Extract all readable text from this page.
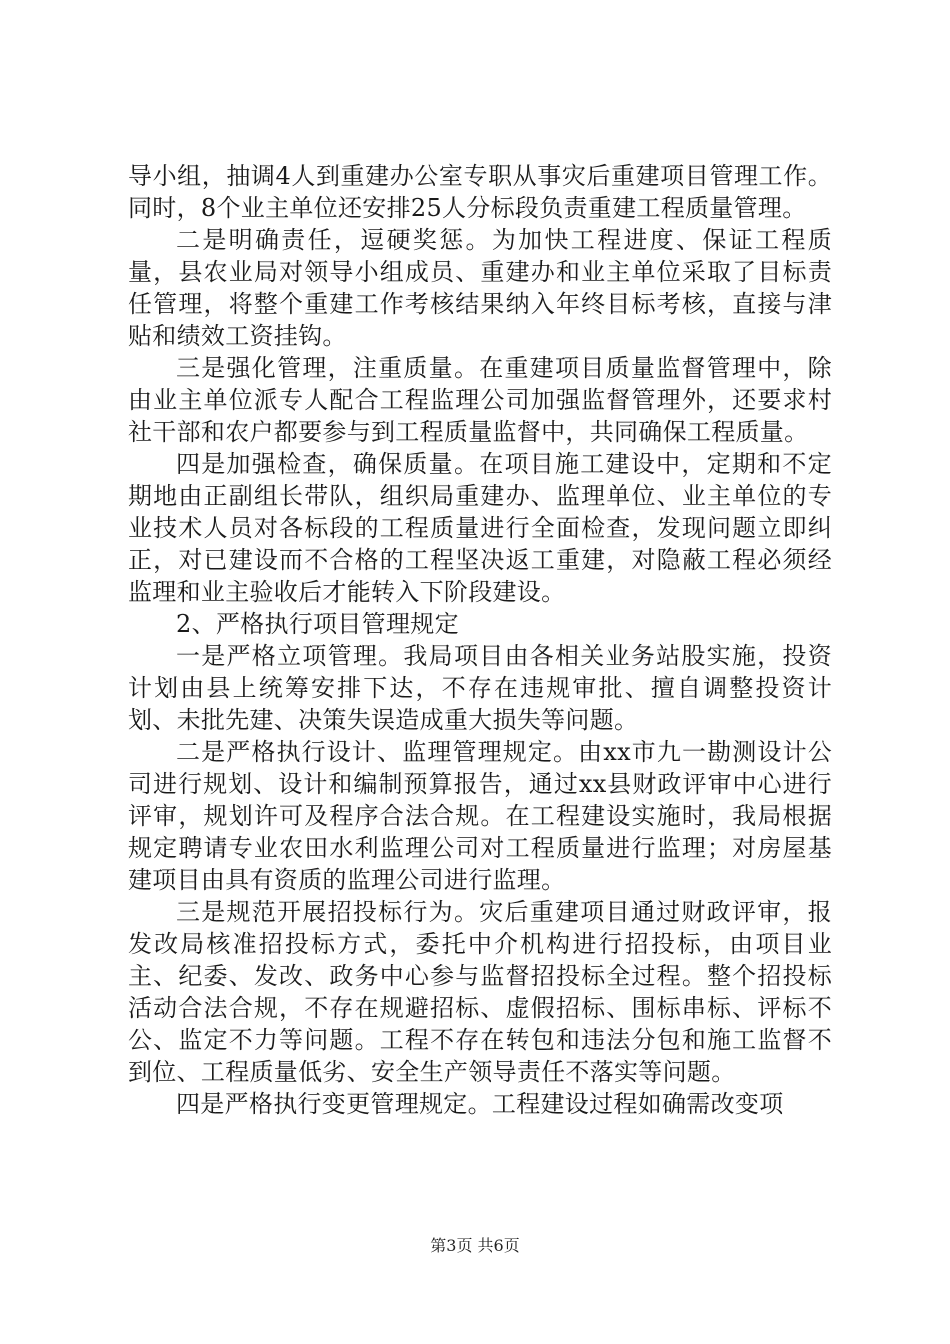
导小组，抽调4人到重建办公室专职从事灾后重建项目管理工作。同时，8个业主单位还安排25人分标段负责重建工程质量管理。

二是明确责任，逗硬奖惩。为加快工程进度、保证工程质量，县农业局对领导小组成员、重建办和业主单位采取了目标责任管理，将整个重建工作考核结果纳入年终目标考核，直接与津贴和绩效工资挂钩。

三是强化管理，注重质量。在重建项目质量监督管理中，除由业主单位派专人配合工程监理公司加强监督管理外，还要求村社干部和农户都要参与到工程质量监督中，共同确保工程质量。

四是加强检查，确保质量。在项目施工建设中，定期和不定期地由正副组长带队，组织局重建办、监理单位、业主单位的专业技术人员对各标段的工程质量进行全面检查，发现问题立即纠正，对已建设而不合格的工程坚决返工重建，对隐蔽工程必须经监理和业主验收后才能转入下阶段建设。

2、严格执行项目管理规定

一是严格立项管理。我局项目由各相关业务站股实施，投资计划由县上统筹安排下达，不存在违规审批、擅自调整投资计划、未批先建、决策失误造成重大损失等问题。

二是严格执行设计、监理管理规定。由xx市九一勘测设计公司进行规划、设计和编制预算报告，通过xx县财政评审中心进行评审，规划许可及程序合法合规。在工程建设实施时，我局根据规定聘请专业农田水利监理公司对工程质量进行监理；对房屋基建项目由具有资质的监理公司进行监理。

三是规范开展招投标行为。灾后重建项目通过财政评审，报发改局核准招投标方式，委托中介机构进行招投标，由项目业主、纪委、发改、政务中心参与监督招投标全过程。整个招投标活动合法合规，不存在规避招标、虚假招标、围标串标、评标不公、监定不力等问题。工程不存在转包和违法分包和施工监督不到位、工程质量低劣、安全生产领导责任不落实等问题。

四是严格执行变更管理规定。工程建设过程如确需改变项

第3页 共6页
